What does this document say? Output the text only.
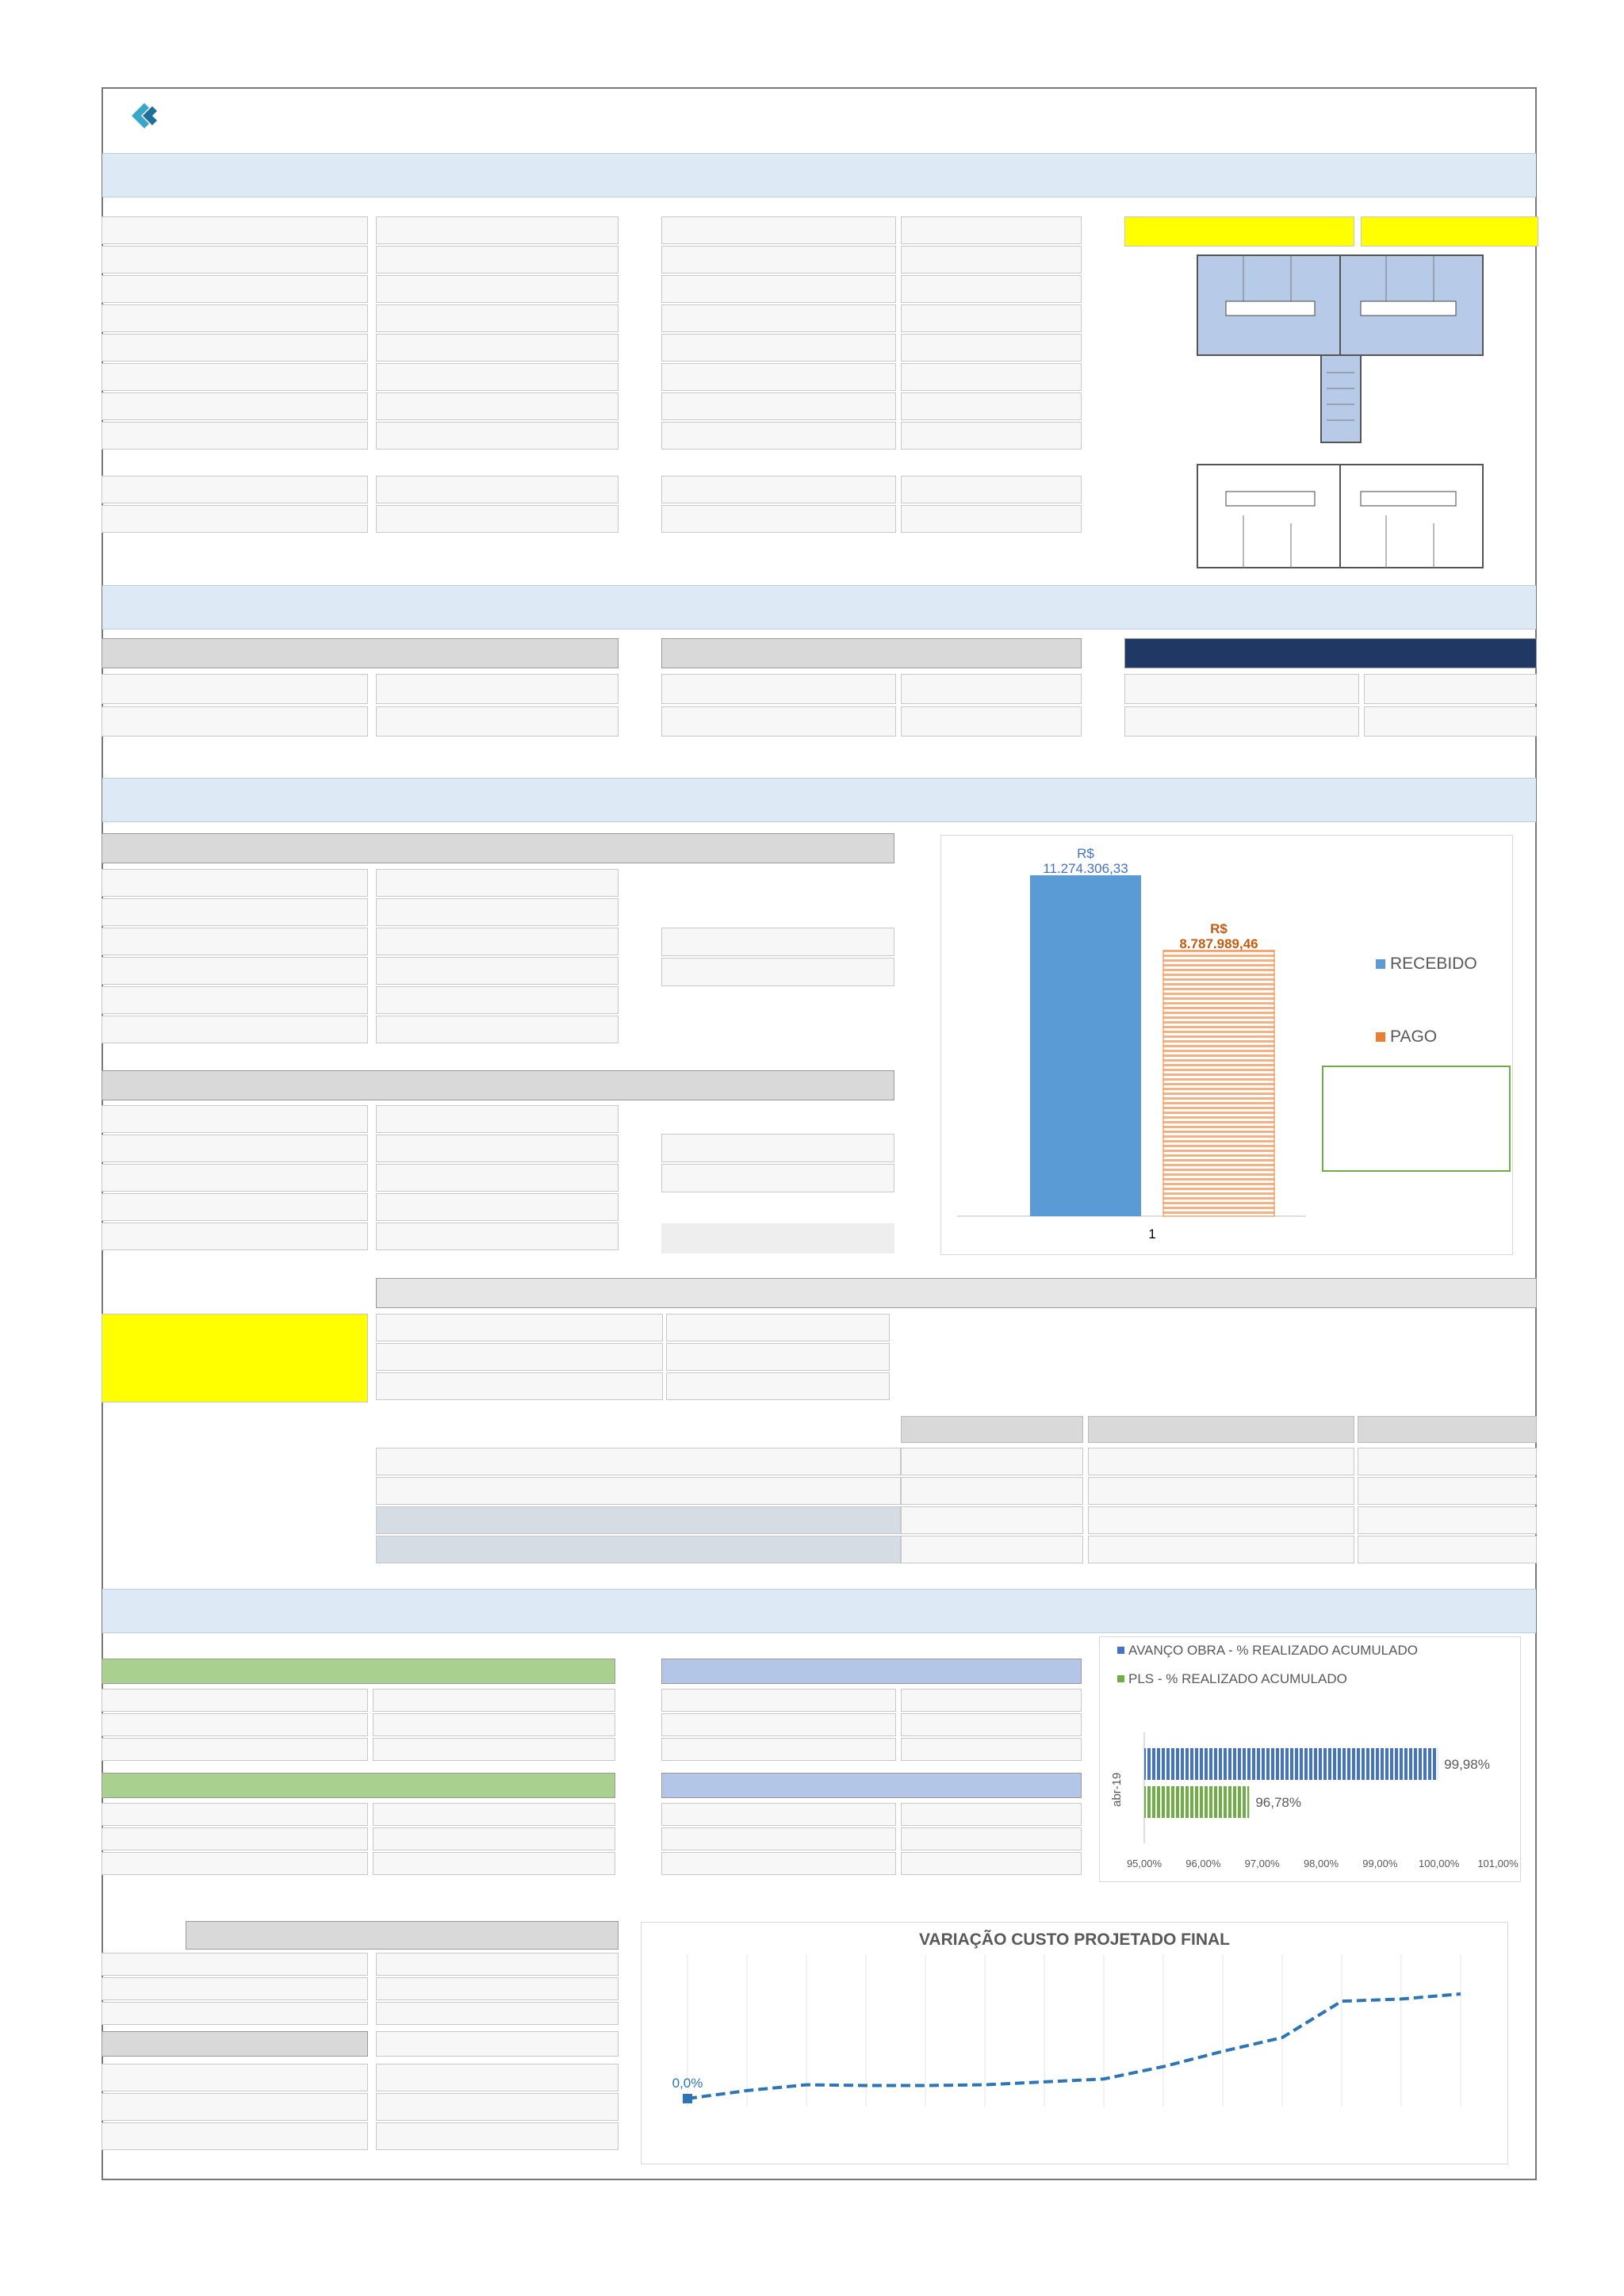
R$
11.274.306,33
R$
8.787.989,46
1
RECEBIDO
PAGO
AVANÇO OBRA - % REALIZADO ACUMULADO
PLS - % REALIZADO ACUMULADO
abr-19
99,98%
96,78%
95,00% 96,00% 97,00% 98,00% 99,00% 100,00% 101,00%
VARIAÇÃO CUSTO PROJETADO FINAL
0,0%
